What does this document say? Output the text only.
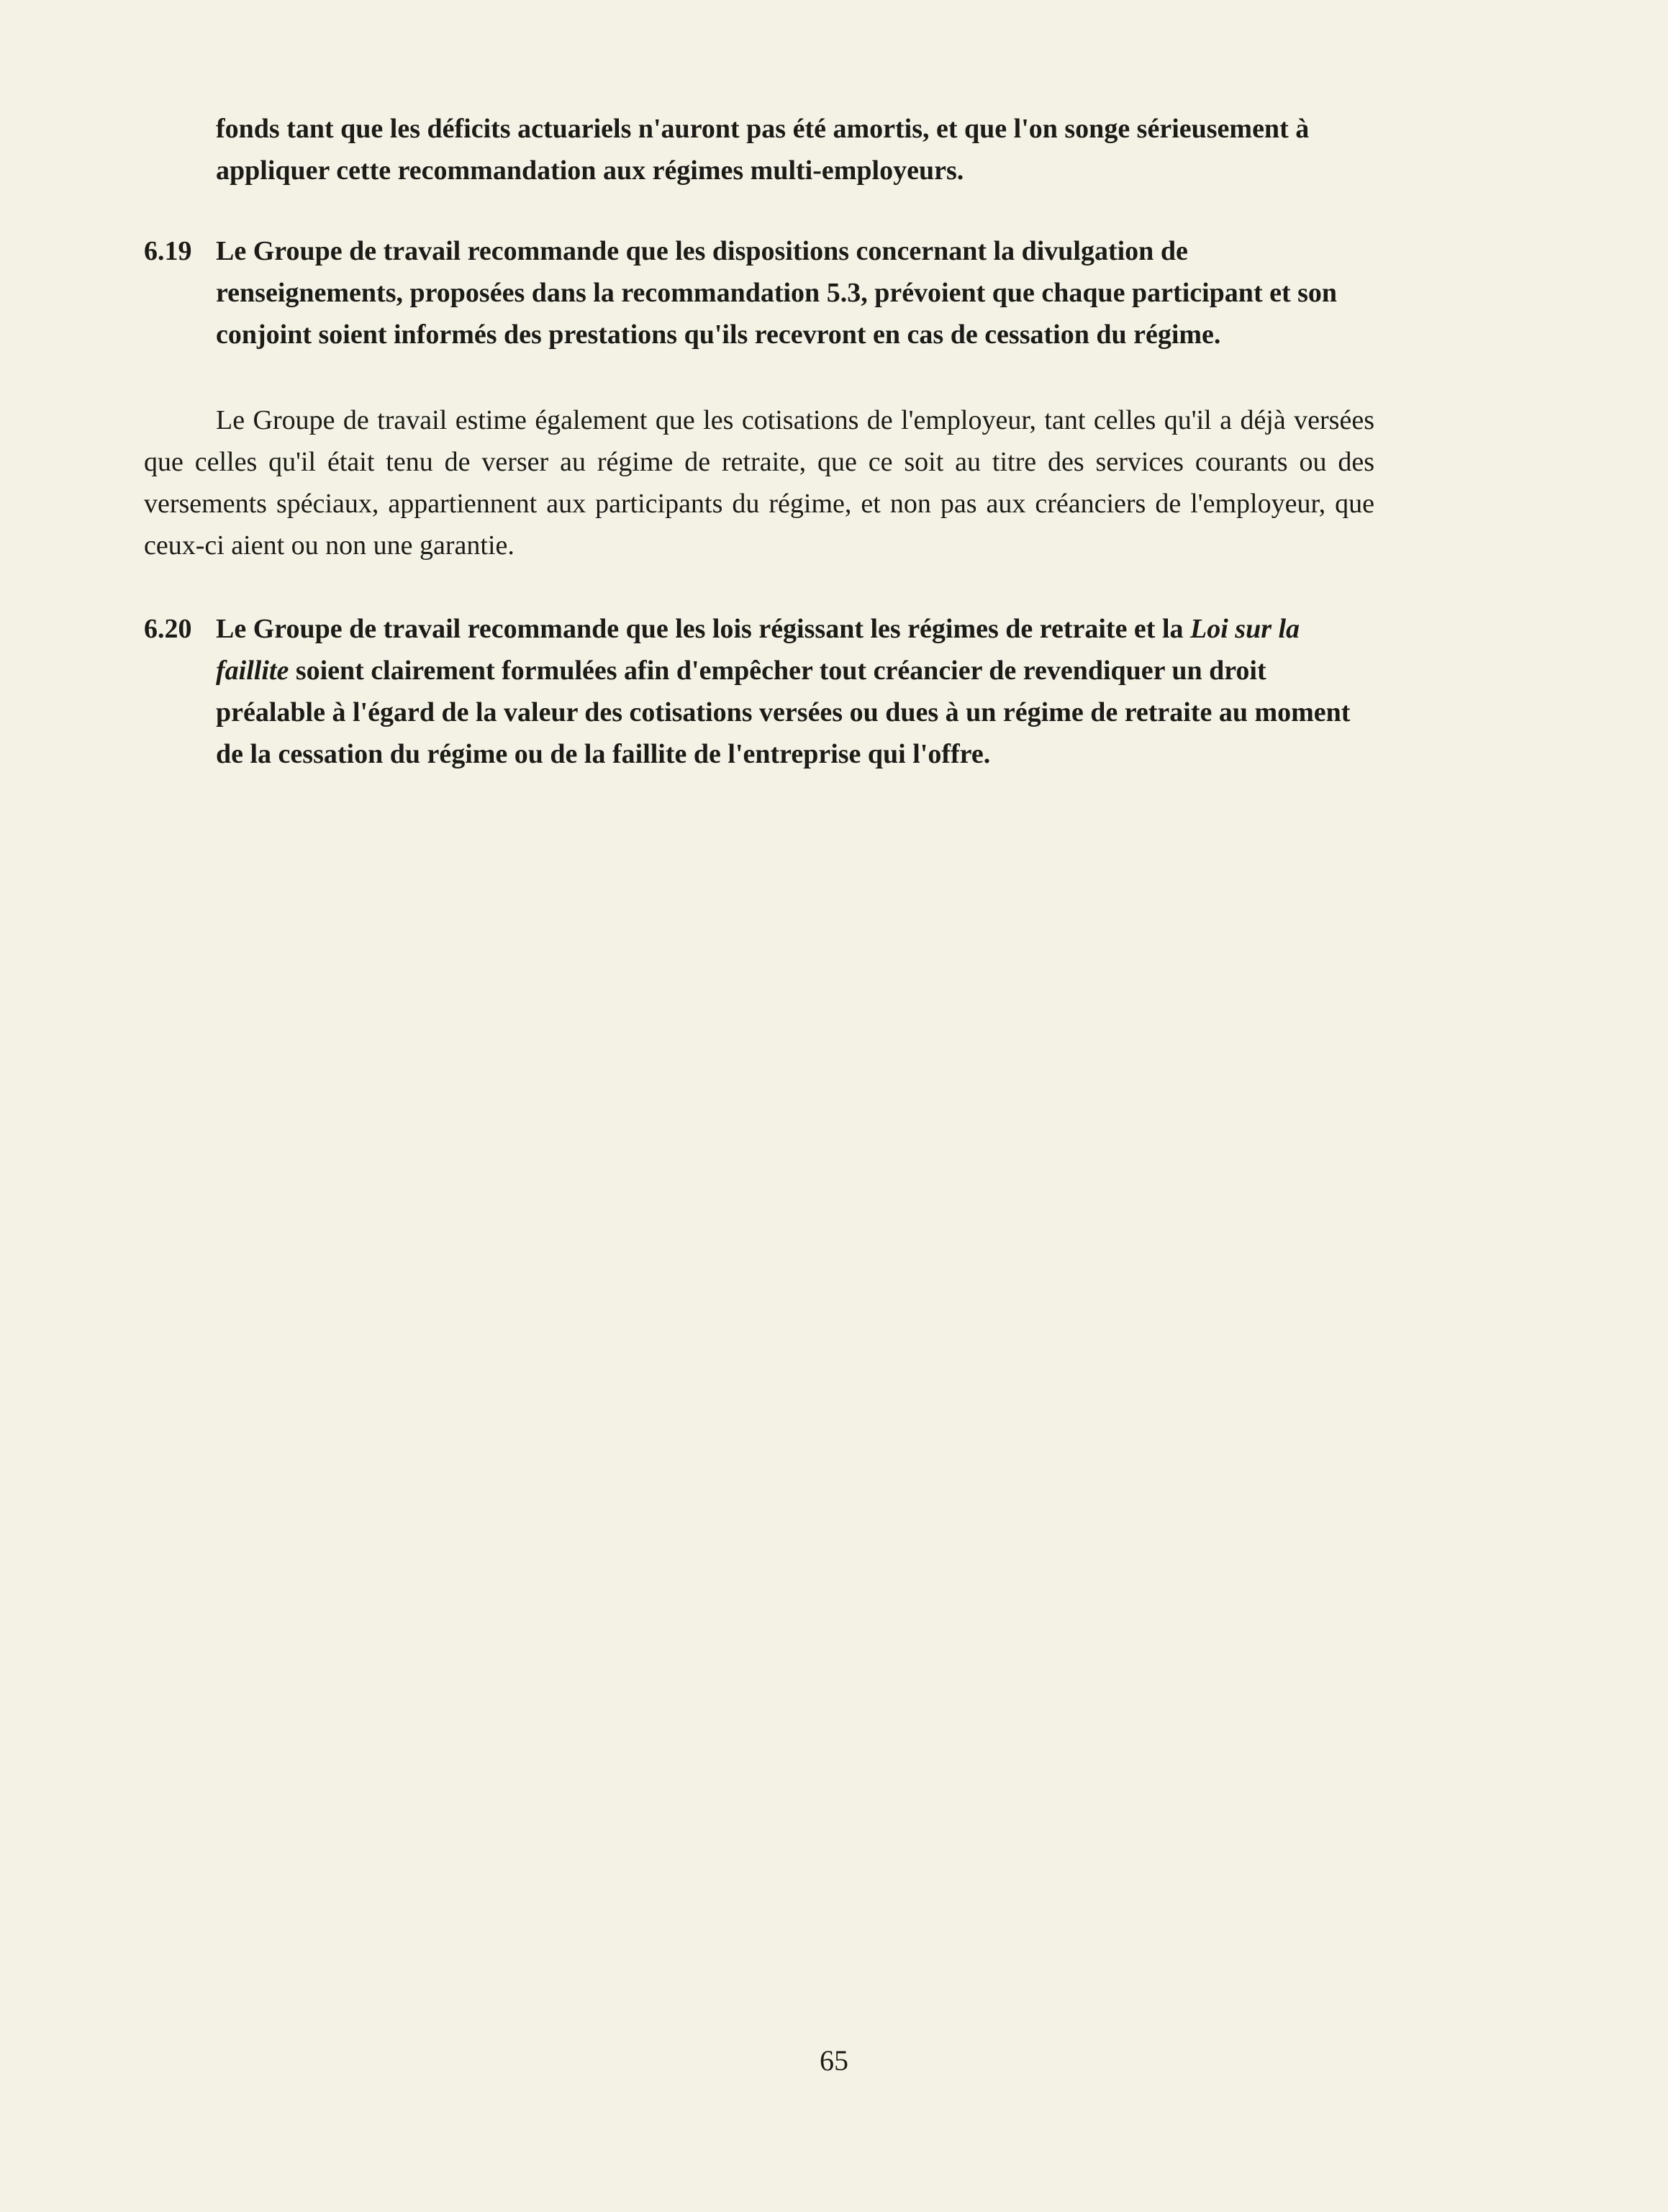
fonds tant que les déficits actuariels n'auront pas été amortis, et que l'on songe sérieusement à appliquer cette recommandation aux régimes multi-employeurs.

6.19 Le Groupe de travail recommande que les dispositions concernant la divulgation de renseignements, proposées dans la recommandation 5.3, prévoient que chaque participant et son conjoint soient informés des prestations qu'ils recevront en cas de cessation du régime.

Le Groupe de travail estime également que les cotisations de l'employeur, tant celles qu'il a déjà versées que celles qu'il était tenu de verser au régime de retraite, que ce soit au titre des services courants ou des versements spéciaux, appartiennent aux participants du régime, et non pas aux créanciers de l'employeur, que ceux-ci aient ou non une garantie.

6.20 Le Groupe de travail recommande que les lois régissant les régimes de retraite et la Loi sur la faillite soient clairement formulées afin d'empêcher tout créancier de revendiquer un droit préalable à l'égard de la valeur des cotisations versées ou dues à un régime de retraite au moment de la cessation du régime ou de la faillite de l'entreprise qui l'offre.

65
